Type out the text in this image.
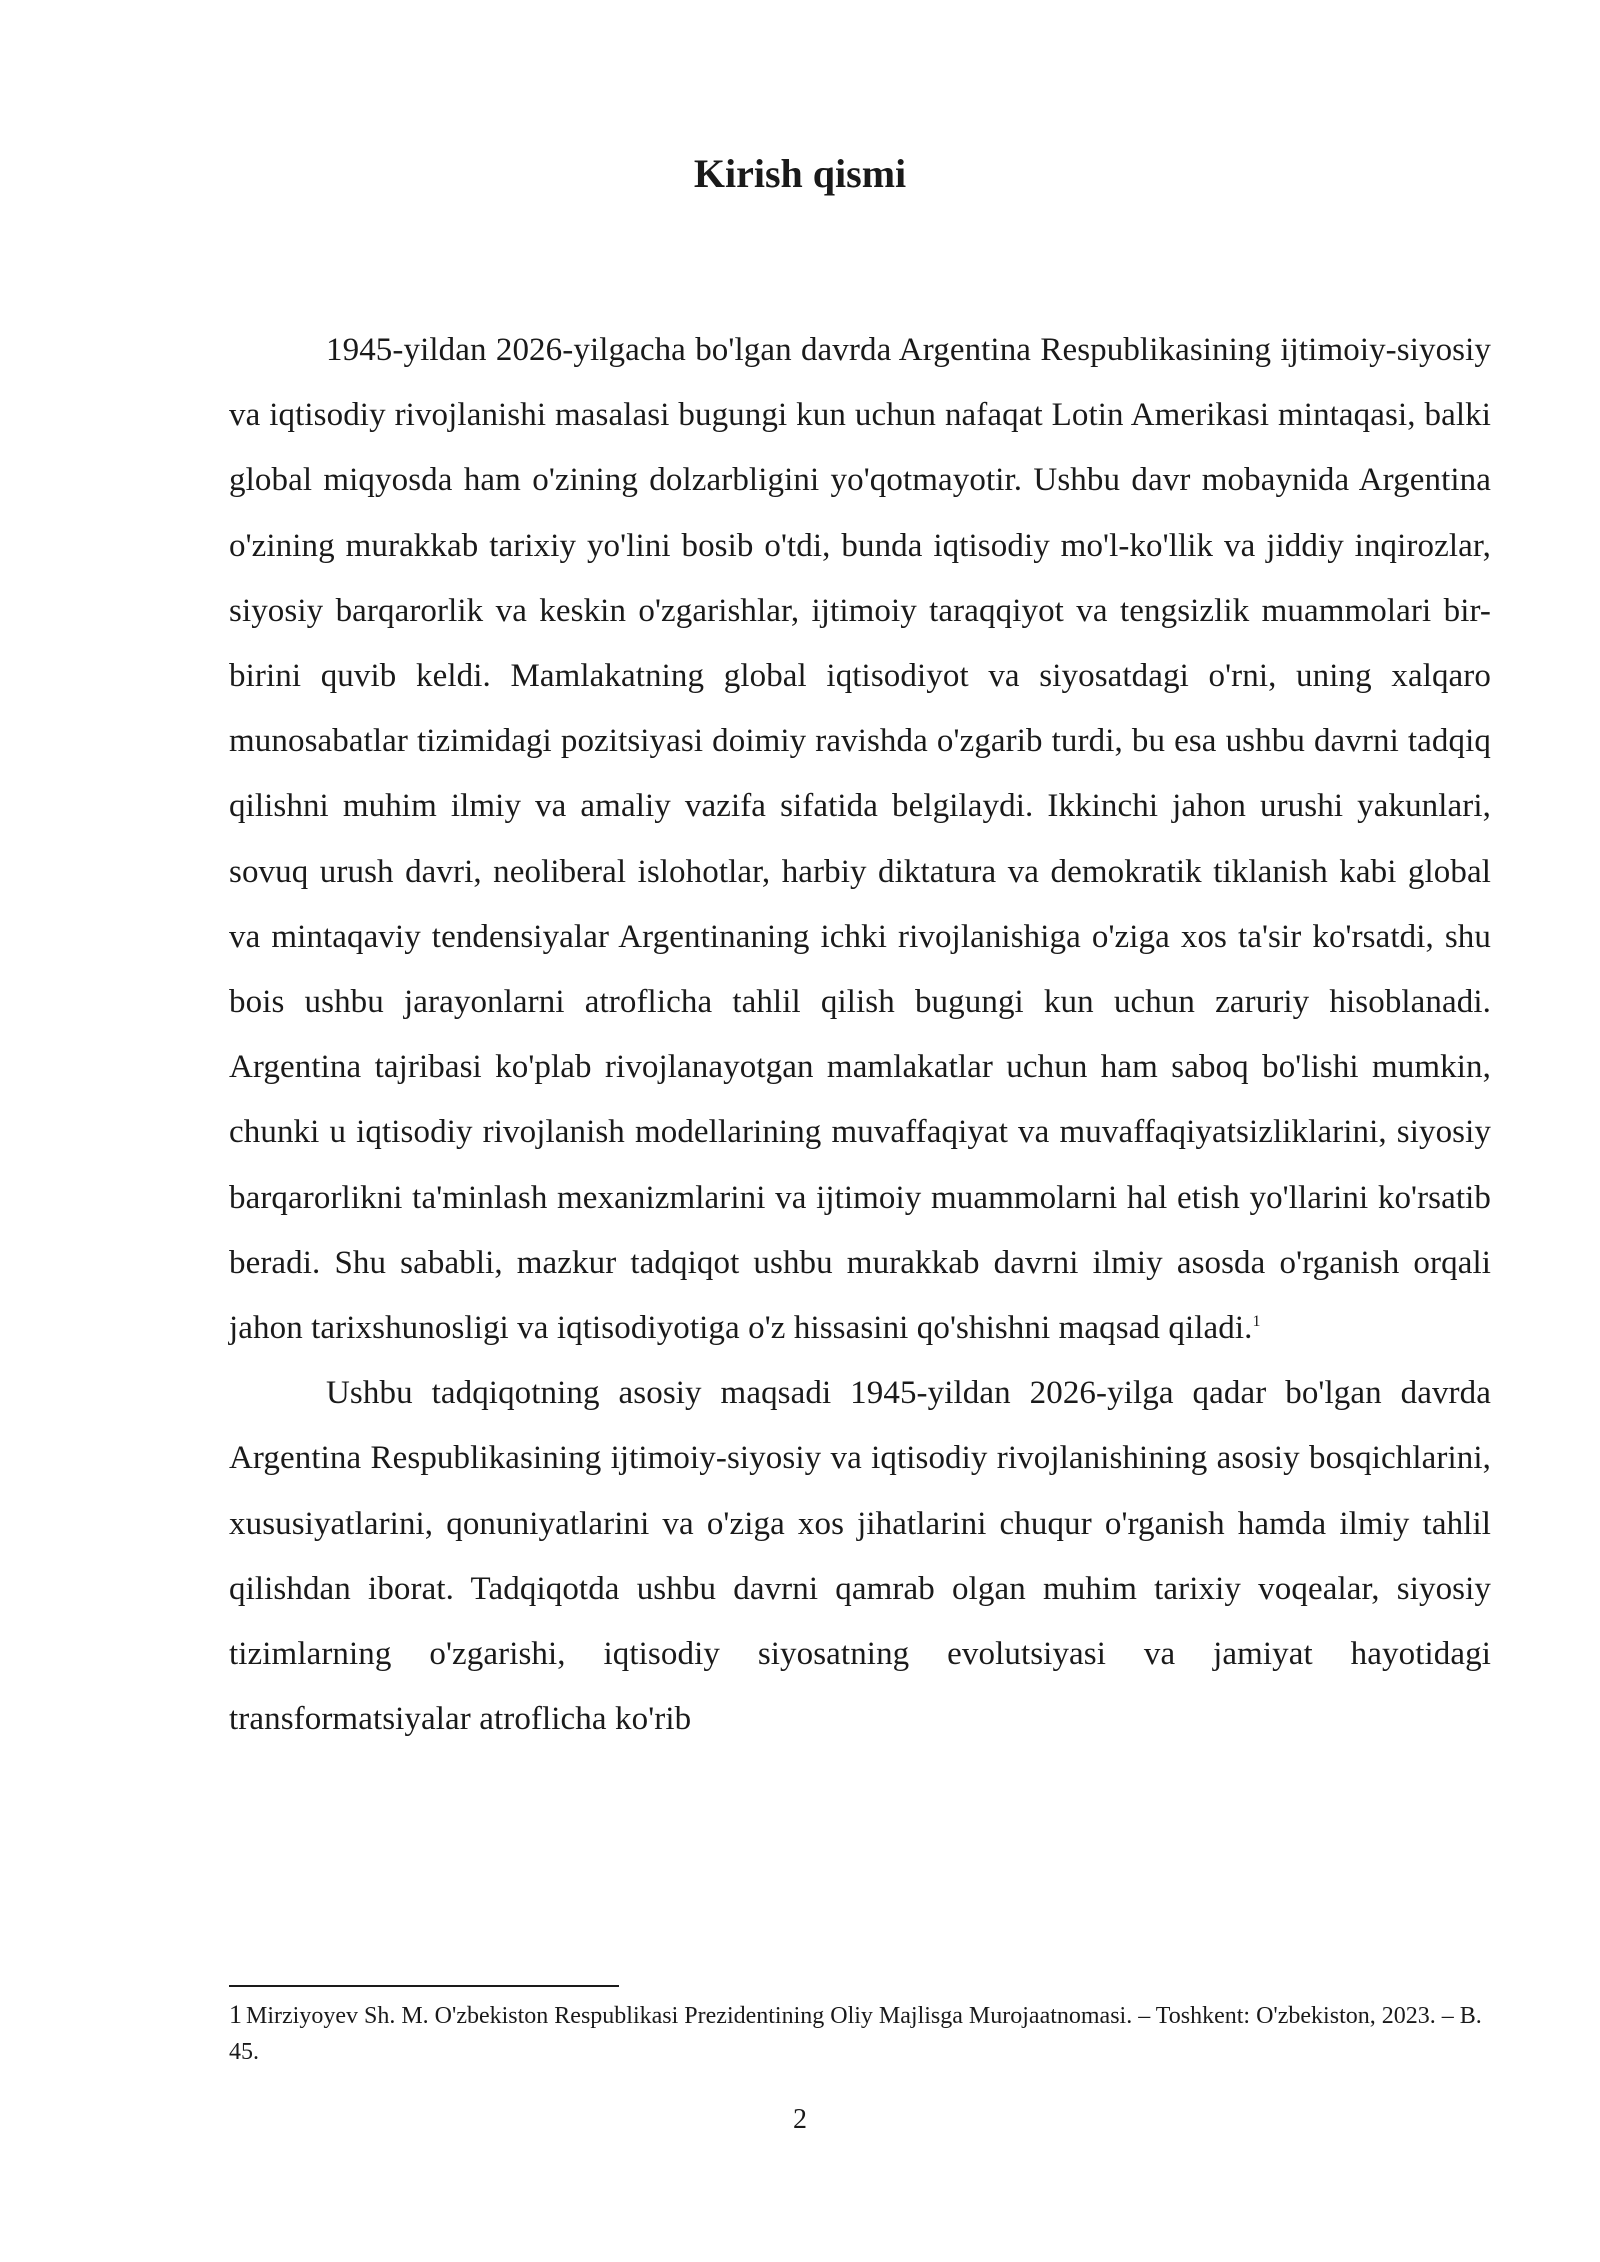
Kirish qismi

1945-yildan 2026-yilgacha bo'lgan davrda Argentina Respublikasining ijtimoiy-siyosiy va iqtisodiy rivojlanishi masalasi bugungi kun uchun nafaqat Lotin Amerikasi mintaqasi, balki global miqyosda ham o'zining dolzarbligini yo'qotmayotir. Ushbu davr mobaynida Argentina o'zining murakkab tarixiy yo'lini bosib o'tdi, bunda iqtisodiy mo'l-ko'llik va jiddiy inqirozlar, siyosiy barqarorlik va keskin o'zgarishlar, ijtimoiy taraqqiyot va tengsizlik muammolari bir-birini quvib keldi. Mamlakatning global iqtisodiyot va siyosatdagi o'rni, uning xalqaro munosabatlar tizimidagi pozitsiyasi doimiy ravishda o'zgarib turdi, bu esa ushbu davrni tadqiq qilishni muhim ilmiy va amaliy vazifa sifatida belgilaydi. Ikkinchi jahon urushi yakunlari, sovuq urush davri, neoliberal islohotlar, harbiy diktatura va demokratik tiklanish kabi global va mintaqaviy tendensiyalar Argentinaning ichki rivojlanishiga o'ziga xos ta'sir ko'rsatdi, shu bois ushbu jarayonlarni atroflicha tahlil qilish bugungi kun uchun zaruriy hisoblanadi. Argentina tajribasi ko'plab rivojlanayotgan mamlakatlar uchun ham saboq bo'lishi mumkin, chunki u iqtisodiy rivojlanish modellarining muvaffaqiyat va muvaffaqiyatsizliklarini, siyosiy barqarorlikni ta'minlash mexanizmlarini va ijtimoiy muammolarni hal etish yo'llarini ko'rsatib beradi. Shu sababli, mazkur tadqiqot ushbu murakkab davrni ilmiy asosda o'rganish orqali jahon tarixshunosligi va iqtisodiyotiga o'z hissasini qo'shishni maqsad qiladi.$^1$

Ushbu tadqiqotning asosiy maqsadi 1945-yildan 2026-yilga qadar bo'lgan davrda Argentina Respublikasining ijtimoiy-siyosiy va iqtisodiy rivojlanishining asosiy bosqichlarini, xususiyatlarini, qonuniyatlarini va o'ziga xos jihatlarini chuqur o'rganish hamda ilmiy tahlil qilishdan iborat. Tadqiqotda ushbu davrni qamrab olgan muhim tarixiy voqealar, siyosiy tizimlarning o'zgarishi, iqtisodiy siyosatning evolutsiyasi va jamiyat hayotidagi transformatsiyalar atroflicha ko'rib

1 Mirziyoyev Sh. M. O'zbekiston Respublikasi Prezidentining Oliy Majlisga Murojaatnomasi. – Toshkent: O'zbekiston, 2023. – B. 45.

2
